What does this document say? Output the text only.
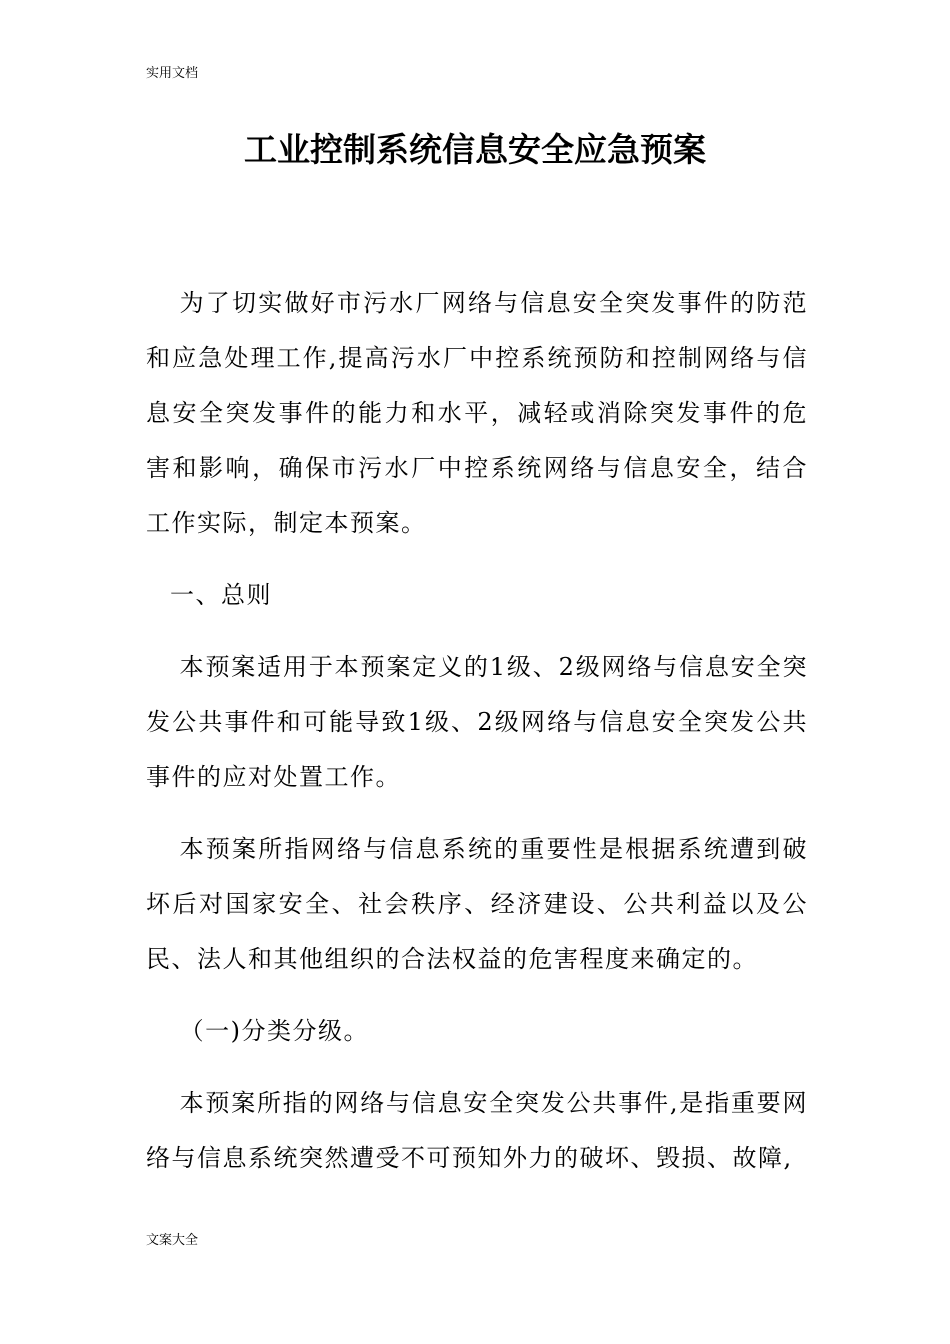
实用文档
工业控制系统信息安全应急预案

为了切实做好市污水厂网络与信息安全突发事件的防范和应急处理工作,提高污水厂中控系统预防和控制网络与信息安全突发事件的能力和水平，减轻或消除突发事件的危害和影响，确保市污水厂中控系统网络与信息安全，结合工作实际，制定本预案。

一、总则

本预案适用于本预案定义的1级、2级网络与信息安全突发公共事件和可能导致1级、2级网络与信息安全突发公共事件的应对处置工作。

本预案所指网络与信息系统的重要性是根据系统遭到破坏后对国家安全、社会秩序、经济建设、公共利益以及公民、法人和其他组织的合法权益的危害程度来确定的。

（一)分类分级。

本预案所指的网络与信息安全突发公共事件,是指重要网络与信息系统突然遭受不可预知外力的破坏、毁损、故障,

文案大全
